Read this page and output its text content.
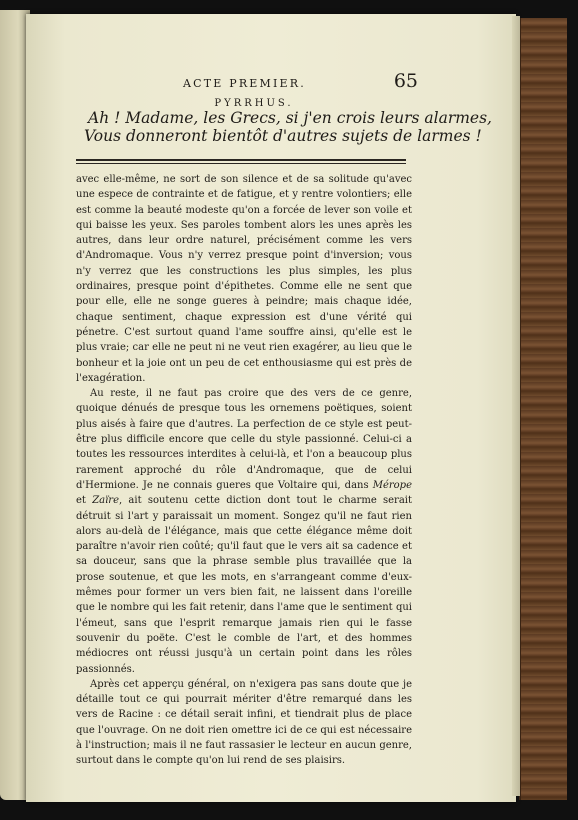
ACTE PREMIER.	65
PYRRHUS.
Ah ! Madame, les Grecs, si j'en crois leurs alarmes,
Vous donneront bientôt d'autres sujets de larmes !

avec elle-même, ne sort de son silence et de sa solitude qu'avec une espece de contrainte et de fatigue, et y rentre volontiers; elle est comme la beauté modeste qu'on a forcée de lever son voile et qui baisse les yeux. Ses paroles tombent alors les unes après les autres, dans leur ordre naturel, précisément comme les vers d'Andromaque. Vous n'y verrez presque point d'inversion; vous n'y verrez que les constructions les plus simples, les plus ordinaires, presque point d'épithetes. Comme elle ne sent que pour elle, elle ne songe gueres à peindre; mais chaque idée, chaque sentiment, chaque expression est d'une vérité qui pénetre. C'est surtout quand l'ame souffre ainsi, qu'elle est le plus vraie; car elle ne peut ni ne veut rien exagérer, au lieu que le bonheur et la joie ont un peu de cet enthousiasme qui est près de l'exagération.

Au reste, il ne faut pas croire que des vers de ce genre, quoique dénués de presque tous les ornemens poëtiques, soient plus aisés à faire que d'autres. La perfection de ce style est peut-être plus difficile encore que celle du style passionné. Celui-ci a toutes les ressources interdites à celui-là, et l'on a beaucoup plus rarement approché du rôle d'Andromaque, que de celui d'Hermione. Je ne connais gueres que Voltaire qui, dans Mérope et Zaïre, ait soutenu cette diction dont tout le charme serait détruit si l'art y paraissait un moment. Songez qu'il ne faut rien alors au-delà de l'élégance, mais que cette élégance même doit paraître n'avoir rien coûté; qu'il faut que le vers ait sa cadence et sa douceur, sans que la phrase semble plus travaillée que la prose soutenue, et que les mots, en s'arrangeant comme d'eux-mêmes pour former un vers bien fait, ne laissent dans l'oreille que le nombre qui les fait retenir, dans l'ame que le sentiment qui l'émeut, sans que l'esprit remarque jamais rien qui le fasse souvenir du poëte. C'est le comble de l'art, et des hommes médiocres ont réussi jusqu'à un certain point dans les rôles passionnés.

Après cet apperçu général, on n'exigera pas sans doute que je détaille tout ce qui pourrait mériter d'être remarqué dans les vers de Racine : ce détail serait infini, et tiendrait plus de place que l'ouvrage. On ne doit rien omettre ici de ce qui est nécessaire à l'instruction; mais il ne faut rassasier le lecteur en aucun genre, surtout dans le compte qu'on lui rend de ses plaisirs.
